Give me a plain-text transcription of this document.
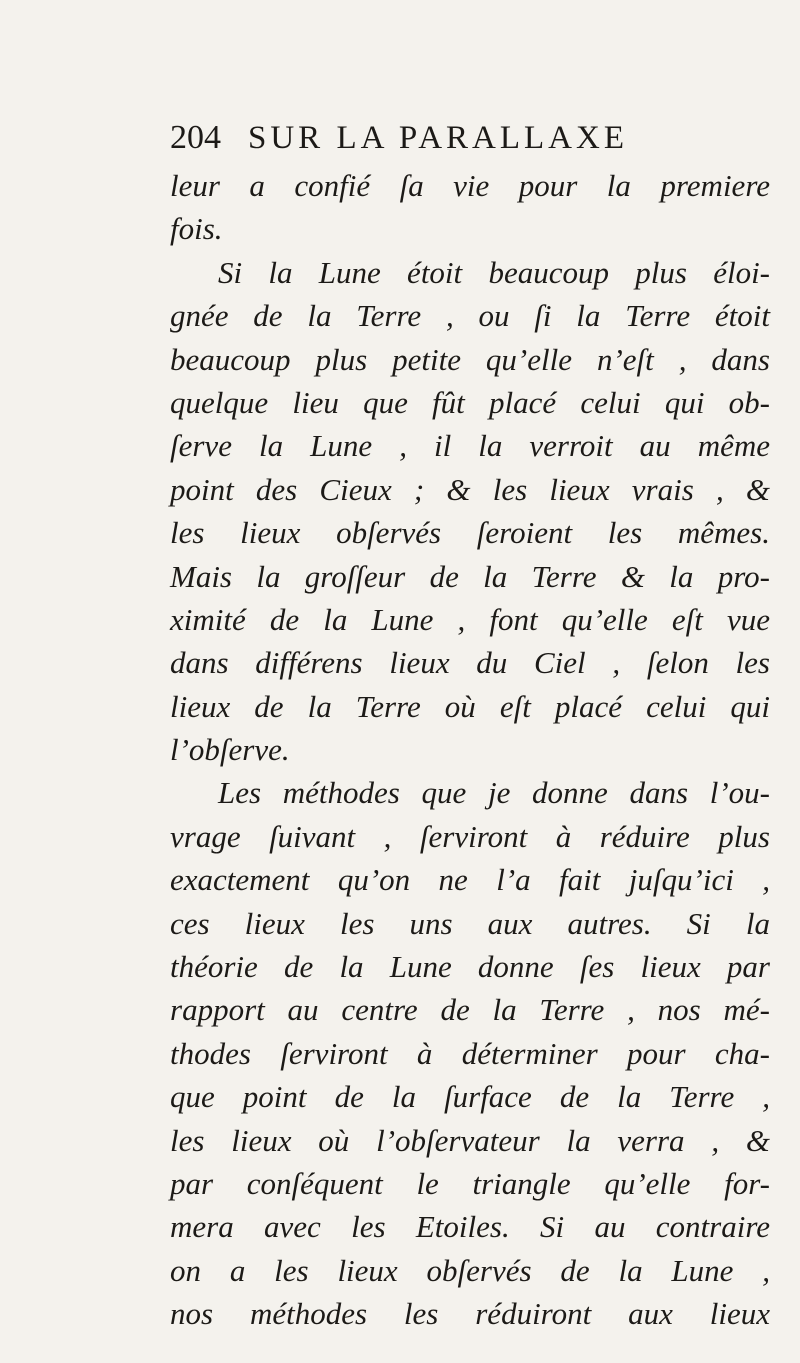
204 SUR LA PARALLAXE
leur a confié ſa vie pour la premiere
fois.
Si la Lune étoit beaucoup plus éloi-
gnée de la Terre , ou ſi la Terre étoit
beaucoup plus petite qu’elle n’eſt , dans
quelque lieu que fût placé celui qui ob-
ſerve la Lune , il la verroit au même
point des Cieux ; & les lieux vrais , &
les lieux obſervés ſeroient les mêmes.
Mais la groſſeur de la Terre & la pro-
ximité de la Lune , font qu’elle eſt vue
dans différens lieux du Ciel , ſelon les
lieux de la Terre où eſt placé celui qui
l’obſerve.
Les méthodes que je donne dans l’ou-
vrage ſuivant , ſerviront à réduire plus
exactement qu’on ne l’a fait juſqu’ici ,
ces lieux les uns aux autres. Si la
théorie de la Lune donne ſes lieux par
rapport au centre de la Terre , nos mé-
thodes ſerviront à déterminer pour cha-
que point de la ſurface de la Terre ,
les lieux où l’obſervateur la verra , &
par conſéquent le triangle qu’elle for-
mera avec les Etoiles. Si au contraire
on a les lieux obſervés de la Lune ,
nos méthodes les réduiront aux lieux
